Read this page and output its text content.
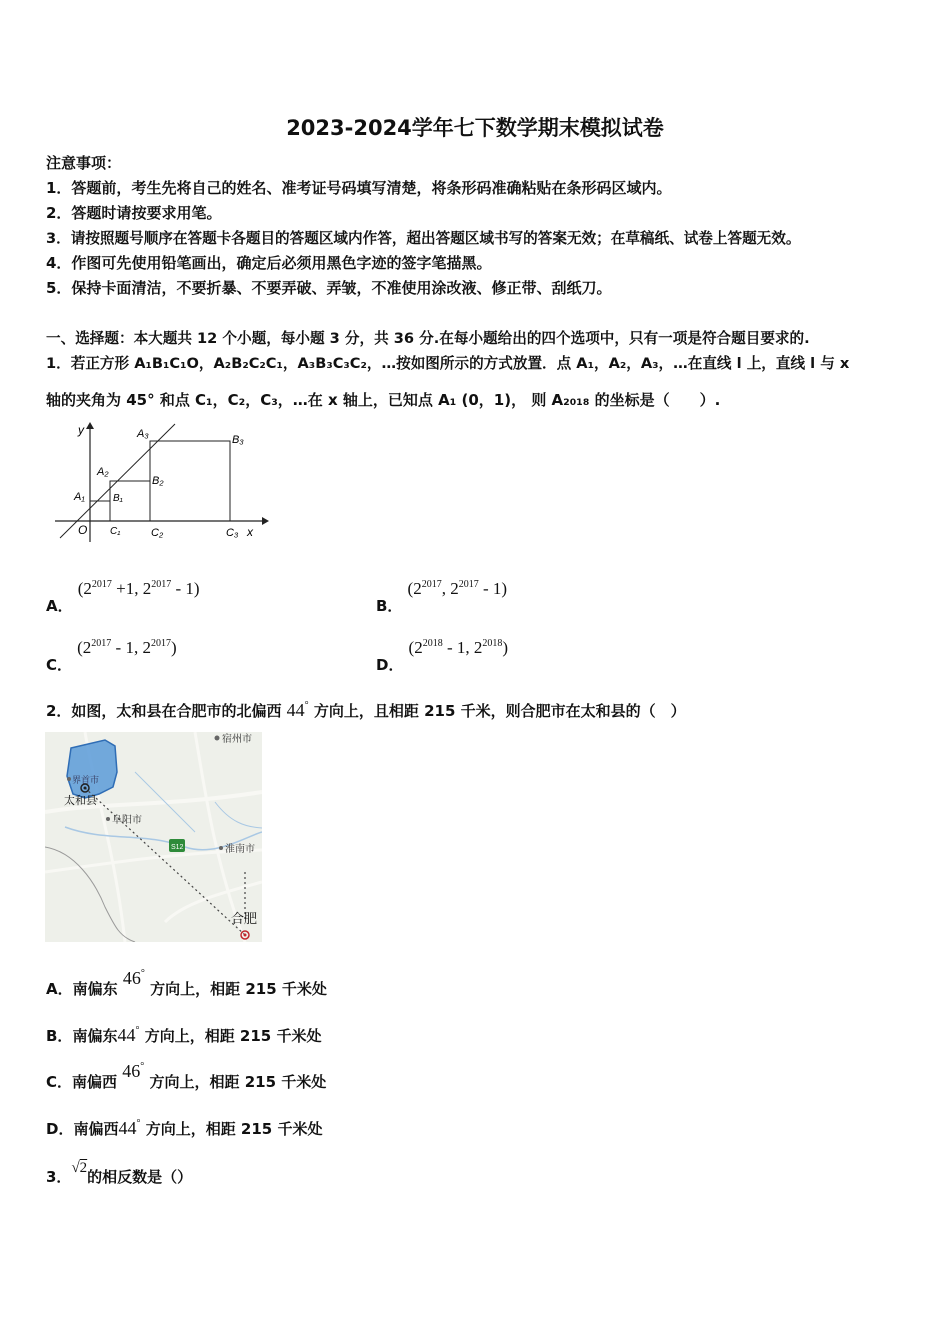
2023-2024学年七下数学期末模拟试卷
注意事项：
1．答题前，考生先将自己的姓名、准考证号码填写清楚，将条形码准确粘贴在条形码区域内。
2．答题时请按要求用笔。
3．请按照题号顺序在答题卡各题目的答题区域内作答，超出答题区域书写的答案无效；在草稿纸、试卷上答题无效。
4．作图可先使用铅笔画出，确定后必须用黑色字迹的签字笔描黑。
5．保持卡面清洁，不要折暴、不要弄破、弄皱，不准使用涂改液、修正带、刮纸刀。
一、选择题：本大题共 12 个小题，每小题 3 分，共 36 分.在每小题给出的四个选项中，只有一项是符合题目要求的.
1．若正方形 A₁B₁C₁O，A₂B₂C₂C₁，A₃B₃C₃C₂，…按如图所示的方式放置．点 A₁，A₂，A₃，…在直线 l 上，直线 l 与 x
轴的夹角为 45° 和点 C₁，C₂，C₃，…在 x 轴上，已知点 A₁ (0，1)， 则 A₂₀₁₈ 的坐标是（　　）.
y
x
O
A₁
A₂
A₃
B₁
B₂
B₃
C₁	C₂	C₃
A． ($2^{2017} +1$, $2^{2017} - 1$)
B． ($2^{2017}$, $2^{2017} - 1$)
C． ($2^{2017} - 1$, $2^{2017}$)
D． ($2^{2018} - 1$, $2^{2018}$)
2．如图，太和县在合肥市的北偏西 44° 方向上，且相距 215 千米，则合肥市在太和县的（　）
宿州市
界首市
太和县
阜阳市
S12	淮南市
合肥
A．南偏东 46° 方向上，相距 215 千米处
B．南偏东44° 方向上，相距 215 千米处
C．南偏西 46° 方向上，相距 215 千米处
D．南偏西44° 方向上，相距 215 千米处
3．√2的相反数是（）
